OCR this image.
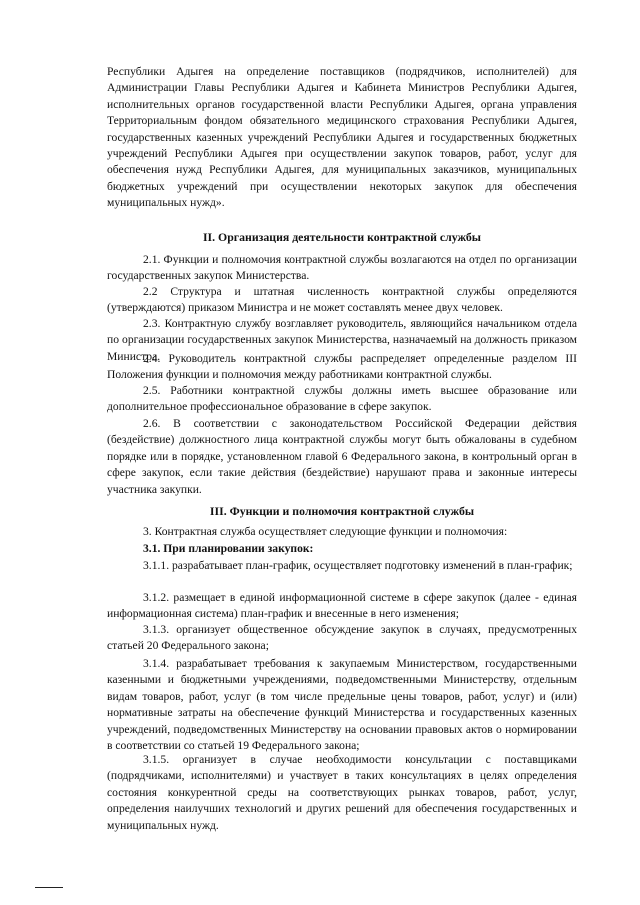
Республики Адыгея на определение поставщиков (подрядчиков, исполнителей) для Администрации Главы Республики Адыгея и Кабинета Министров Республики Адыгея, исполнительных органов государственной власти Республики Адыгея, органа управления Территориальным фондом обязательного медицинского страхования Республики Адыгея, государственных казенных учреждений Республики Адыгея и государственных бюджетных учреждений Республики Адыгея при осуществлении закупок товаров, работ, услуг для обеспечения нужд Республики Адыгея, для муниципальных заказчиков, муниципальных бюджетных учреждений при осуществлении некоторых закупок для обеспечения муниципальных нужд».

II. Организация деятельности контрактной службы

2.1. Функции и полномочия контрактной службы возлагаются на отдел по организации государственных закупок Министерства.

2.2 Структура и штатная численность контрактной службы определяются (утверждаются) приказом Министра и не может составлять менее двух человек.

2.3. Контрактную службу возглавляет руководитель, являющийся начальником отдела по организации государственных закупок Министерства, назначаемый на должность приказом Министра.

2.4. Руководитель контрактной службы распределяет определенные разделом III Положения функции и полномочия между работниками контрактной службы.

2.5. Работники контрактной службы должны иметь высшее образование или дополнительное профессиональное образование в сфере закупок.

2.6. В соответствии с законодательством Российской Федерации действия (бездействие) должностного лица контрактной службы могут быть обжалованы в судебном порядке или в порядке, установленном главой 6 Федерального закона, в контрольный орган в сфере закупок, если такие действия (бездействие) нарушают права и законные интересы участника закупки.

III. Функции и полномочия контрактной службы

3. Контрактная служба осуществляет следующие функции и полномочия:

3.1. При планировании закупок:

3.1.1. разрабатывает план-график, осуществляет подготовку изменений в план-график;

3.1.2. размещает в единой информационной системе в сфере закупок (далее - единая информационная система) план-график и внесенные в него изменения;

3.1.3. организует общественное обсуждение закупок в случаях, предусмотренных статьей 20 Федерального закона;

3.1.4. разрабатывает требования к закупаемым Министерством, государственными казенными и бюджетными учреждениями, подведомственными Министерству, отдельным видам товаров, работ, услуг (в том числе предельные цены товаров, работ, услуг) и (или) нормативные затраты на обеспечение функций Министерства и государственных казенных учреждений, подведомственных Министерству на основании правовых актов о нормировании в соответствии со статьей 19 Федерального закона;

3.1.5. организует в случае необходимости консультации с поставщиками (подрядчиками, исполнителями) и участвует в таких консультациях в целях определения состояния конкурентной среды на соответствующих рынках товаров, работ, услуг, определения наилучших технологий и других решений для обеспечения государственных и муниципальных нужд.
